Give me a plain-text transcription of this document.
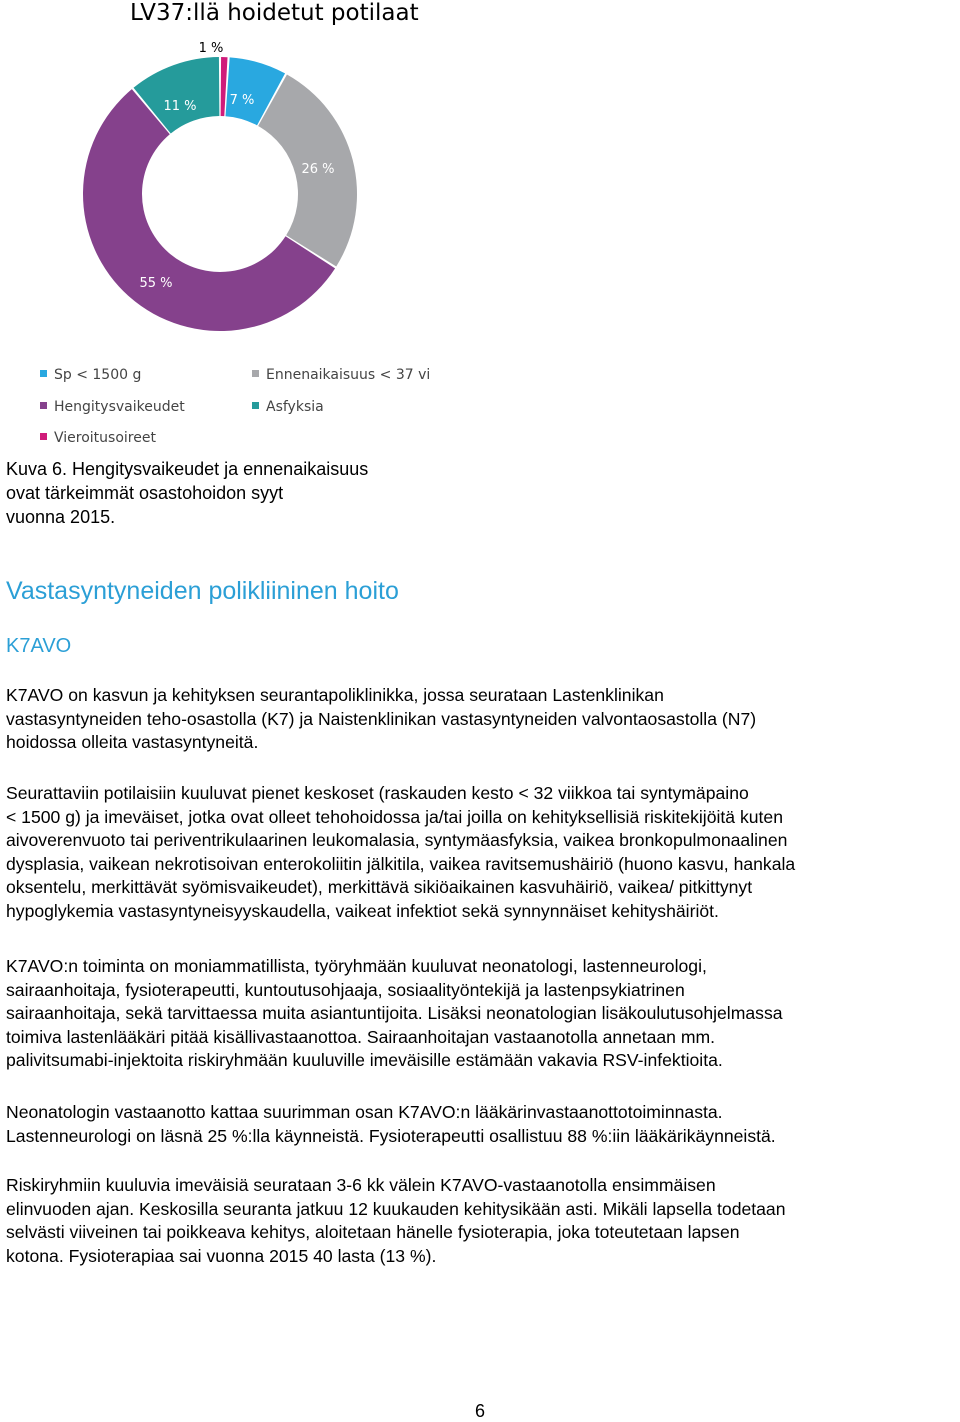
LV37:llä hoidetut potilaat
1 %
7 %
26 %
55 %
11 %
Sp < 1500 g	Ennenaikaisuus < 37 vi
Hengitysvaikeudet	Asfyksia
Vieroitusoireet
Kuva 6. Hengitysvaikeudet ja ennenaikaisuus
ovat tärkeimmät osastohoidon syyt
vuonna 2015.
Vastasyntyneiden polikliininen hoito
K7AVO

K7AVO on kasvun ja kehityksen seurantapoliklinikka, jossa seurataan Lastenklinikan

vastasyntyneiden teho-osastolla (K7) ja Naistenklinikan vastasyntyneiden valvontaosastolla (N7)

hoidossa olleita vastasyntyneitä.

Seurattaviin potilaisiin kuuluvat pienet keskoset (raskauden kesto < 32 viikkoa tai syntymäpaino

< 1500 g) ja imeväiset, jotka ovat olleet tehohoidossa ja/tai joilla on kehityksellisiä riskitekijöitä kuten

aivoverenvuoto tai periventrikulaarinen leukomalasia, syntymäasfyksia, vaikea bronkopulmonaalinen

dysplasia, vaikean nekrotisoivan enterokoliitin jälkitila, vaikea ravitsemushäiriö (huono kasvu, hankala

oksentelu, merkittävät syömisvaikeudet), merkittävä sikiöaikainen kasvuhäiriö, vaikea/ pitkittynyt

hypoglykemia vastasyntyneisyyskaudella, vaikeat infektiot sekä synnynnäiset kehityshäiriöt.

K7AVO:n toiminta on moniammatillista, työryhmään kuuluvat neonatologi, lastenneurologi,

sairaanhoitaja, fysioterapeutti, kuntoutusohjaaja, sosiaalityöntekijä ja lastenpsykiatrinen

sairaanhoitaja, sekä tarvittaessa muita asiantuntijoita. Lisäksi neonatologian lisäkoulutusohjelmassa

toimiva lastenlääkäri pitää kisällivastaanottoa. Sairaanhoitajan vastaanotolla annetaan mm.

palivitsumabi-injektoita riskiryhmään kuuluville imeväisille estämään vakavia RSV-infektioita.

Neonatologin vastaanotto kattaa suurimman osan K7AVO:n lääkärinvastaanottotoiminnasta.

Lastenneurologi on läsnä 25 %:lla käynneistä. Fysioterapeutti osallistuu 88 %:iin lääkärikäynneistä.

Riskiryhmiin kuuluvia imeväisiä seurataan 3-6 kk välein K7AVO-vastaanotolla ensimmäisen

elinvuoden ajan. Keskosilla seuranta jatkuu 12 kuukauden kehitysikään asti. Mikäli lapsella todetaan

selvästi viiveinen tai poikkeava kehitys, aloitetaan hänelle fysioterapia, joka toteutetaan lapsen

kotona. Fysioterapiaa sai vuonna 2015 40 lasta (13 %).

6
